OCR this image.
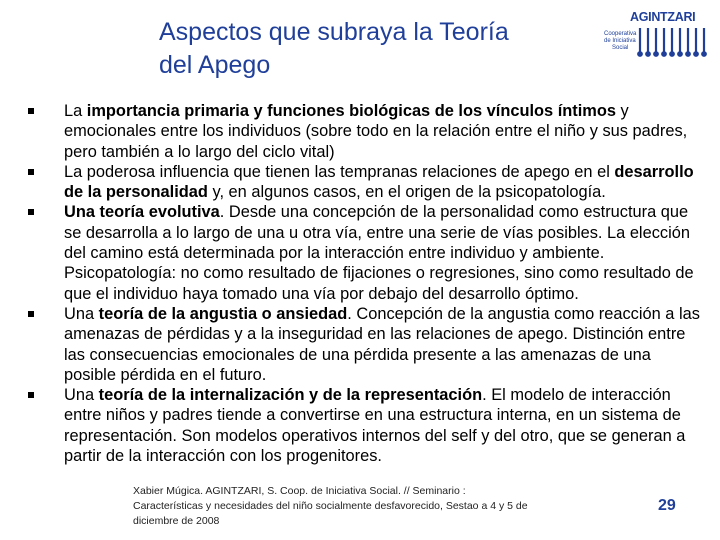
Aspectos que subraya la Teoría
del Apego
AGINTZARI
Cooperativa
de Iniciativa
Social
La importancia primaria y funciones biológicas de los vínculos íntimos y emocionales entre los individuos (sobre todo en la relación entre el niño y sus padres, pero también a lo largo del ciclo vital)
La poderosa influencia que tienen las tempranas relaciones de apego en el desarrollo de la personalidad y, en algunos casos, en el origen de la psicopatología.
Una teoría evolutiva. Desde una concepción de la personalidad como estructura que se desarrolla a lo largo de una u otra vía, entre una serie de vías posibles. La elección del camino está determinada por la interacción entre individuo y ambiente. Psicopatología: no como resultado de fijaciones o regresiones, sino como resultado de que el individuo haya tomado una vía por debajo del desarrollo óptimo.
Una teoría de la angustia o ansiedad. Concepción de la angustia como reacción a las amenazas de pérdidas y a la inseguridad en las relaciones de apego. Distinción entre las consecuencias emocionales de una pérdida presente a las amenazas de una posible pérdida en el futuro.
Una teoría de la internalización y de la representación. El modelo de interacción entre niños y padres tiende a convertirse en una estructura interna, en un sistema de representación. Son modelos operativos internos del self y del otro, que se generan a partir de la interacción con los progenitores.
Xabier Múgica. AGINTZARI, S. Coop. de Iniciativa Social. // Seminario :
Características y necesidades del niño socialmente desfavorecido, Sestao a 4 y 5 de
diciembre de 2008
29
